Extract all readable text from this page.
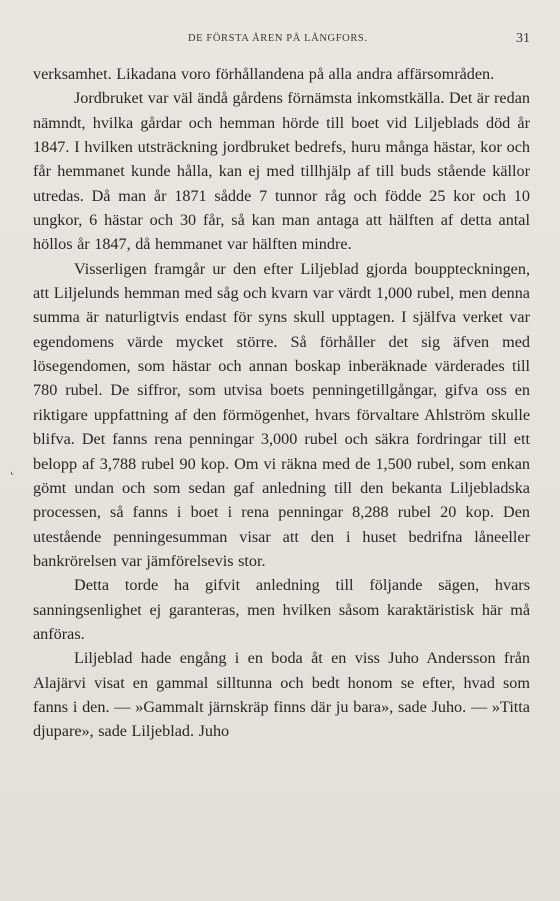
DE FÖRSTA ÅREN PÅ LÅNGFORS.	31
˛

verksamhet. Likadana voro förhållandena på alla andra affärsområden.

Jordbruket var väl ändå gårdens förnämsta inkomstkälla. Det är redan nämndt, hvilka gårdar och hemman hörde till boet vid Liljeblads död år 1847. I hvilken utsträckning jordbruket bedrefs, huru många hästar, kor och får hemmanet kunde hålla, kan ej med tillhjälp af till buds stående källor utredas. Då man år 1871 sådde 7 tunnor råg och födde 25 kor och 10 ungkor, 6 hästar och 30 får, så kan man antaga att hälften af detta antal höllos år 1847, då hemmanet var hälften mindre.

Visserligen framgår ur den efter Liljeblad gjorda bouppteckningen, att Liljelunds hemman med såg och kvarn var värdt 1,000 rubel, men denna summa är naturligtvis endast för syns skull upptagen. I själfva verket var egendomens värde mycket större. Så förhåller det sig äfven med lösegendomen, som hästar och annan boskap inberäknade värderades till 780 rubel. De siffror, som utvisa boets penningetillgångar, gifva oss en riktigare uppfattning af den förmögenhet, hvars förvaltare Ahlström skulle blifva. Det fanns rena penningar 3,000 rubel och säkra fordringar till ett belopp af 3,788 rubel 90 kop. Om vi räkna med de 1,500 rubel, som enkan gömt undan och som sedan gaf anledning till den bekanta Liljebladska processen, så fanns i boet i rena penningar 8,288 rubel 20 kop. Den utestående penningesumman visar att den i huset bedrifna låneeller bankrörelsen var jämförelsevis stor.

Detta torde ha gifvit anledning till följande sägen, hvars sanningsenlighet ej garanteras, men hvilken såsom karaktäristisk här må anföras.

Liljeblad hade engång i en boda åt en viss Juho Andersson från Alajärvi visat en gammal silltunna och bedt honom se efter, hvad som fanns i den. — »Gammalt järnskräp finns där ju bara», sade Juho. — »Titta djupare», sade Liljeblad. Juho
